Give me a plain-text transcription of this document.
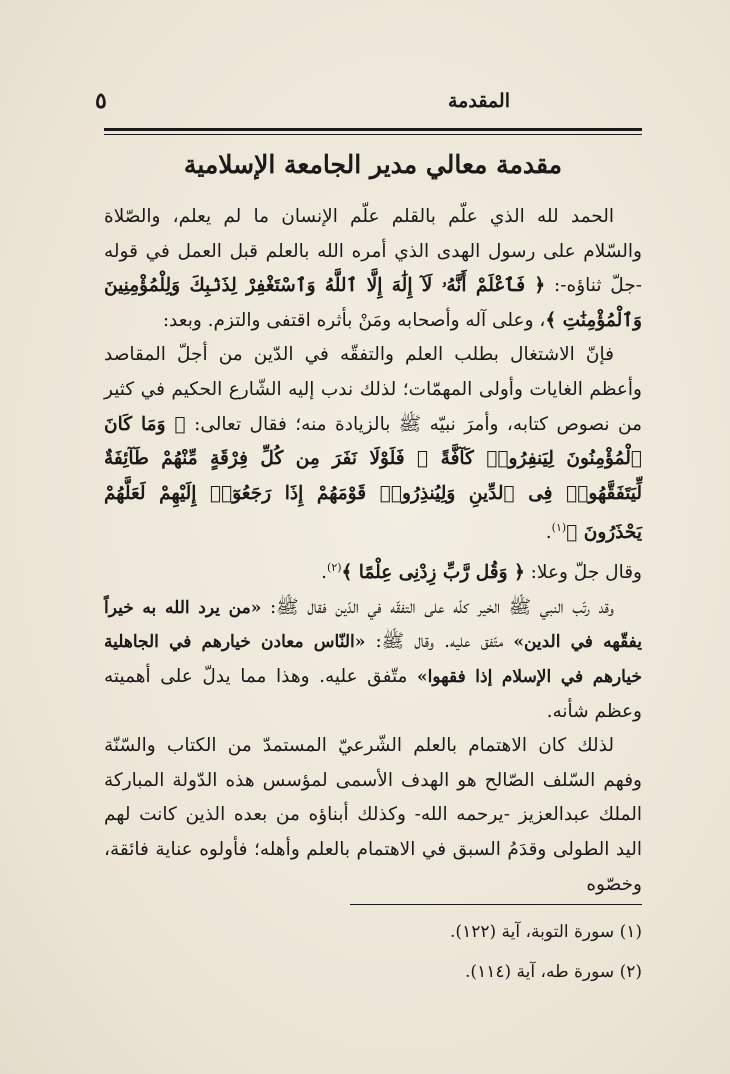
المقدمة
٥
مقدمة معالي مدير الجامعة الإسلامية

الحمد لله الذي علّم بالقلم علّم الإنسان ما لم يعلم، والصّلاة والسّلام على رسول الهدى الذي أمره الله بالعلم قبل العمل في قوله -جلّ ثناؤه-: ﴿ فَٱعْلَمْ أَنَّهُۥ لَآ إِلَٰهَ إِلَّا ٱللَّهُ وَٱسْتَغْفِرْ لِذَنۢبِكَ وَلِلْمُؤْمِنِينَ وَٱلْمُؤْمِنَٰتِ ﴾، وعلى آله وأصحابه ومَنْ بأثره اقتفى والتزم. وبعد:

فإنّ الاشتغال بطلب العلم والتفقّه في الدّين من أجلّ المقاصد وأعظم الغايات وأولى المهمّات؛ لذلك ندب إليه الشّارع الحكيم في كثير من نصوص كتابه، وأمرَ نبيّه ﷺ بالزيادة منه؛ فقال تعالى: ﴿ وَمَا كَانَ ٱلْمُؤْمِنُونَ لِيَنفِرُوا۟ كَآفَّةً ۚ فَلَوْلَا نَفَرَ مِن كُلِّ فِرْقَةٍ مِّنْهُمْ طَآئِفَةٌ لِّيَتَفَقَّهُوا۟ فِى ٱلدِّينِ وَلِيُنذِرُوا۟ قَوْمَهُمْ إِذَا رَجَعُوٓا۟ إِلَيْهِمْ لَعَلَّهُمْ يَحْذَرُونَ ﴾$^{(١)}$.

وقال جلّ وعلا: ﴿ وَقُل رَّبِّ زِدْنِى عِلْمًا ﴾$^{(٢)}$.

وقد رتّب النبي ﷺ الخير كلّه على التفقّه في الدّين فقال ﷺ: «من يرد الله به خيراً يفقّهه في الدين» متّفق عليه. وقال ﷺ: «النّاس معادن خيارهم في الجاهلية خيارهم في الإسلام إذا فقهوا» متّفق عليه. وهذا مما يدلّ على أهميته وعظم شأنه.

لذلك كان الاهتمام بالعلم الشّرعيّ المستمدّ من الكتاب والسّنّة وفهم السّلف الصّالح هو الهدف الأسمى لمؤسس هذه الدّولة المباركة الملك عبدالعزيز -يرحمه الله- وكذلك أبناؤه من بعده الذين كانت لهم اليد الطولى وقدَمُ السبق في الاهتمام بالعلم وأهله؛ فأولوه عناية فائقة، وخصّوه

(١) سورة التوبة، آية (١٢٢).
(٢) سورة طه، آية (١١٤).
